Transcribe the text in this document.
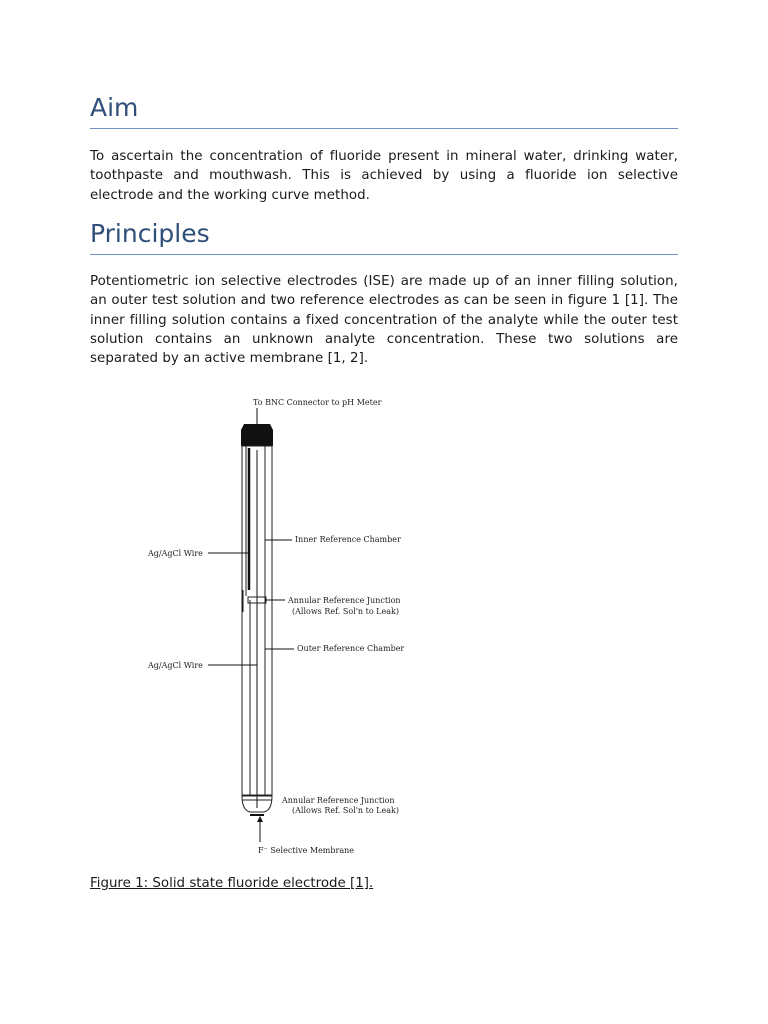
Aim

To ascertain the concentration of fluoride present in mineral water, drinking water, toothpaste and mouthwash. This is achieved by using a fluoride ion selective electrode and the working curve method.

Principles

Potentiometric ion selective electrodes (ISE) are made up of an inner filling solution, an outer test solution and two reference electrodes as can be seen in figure 1 [1]. The inner filling solution contains a fixed concentration of the analyte while the outer test solution contains an unknown analyte concentration. These two solutions are separated by an active membrane [1, 2].

To BNC Connector to pH Meter
Inner Reference Chamber
Ag/AgCl Wire
Annular Reference Junction
(Allows Ref. Sol'n to Leak)
Outer Reference Chamber
Ag/AgCl Wire
Annular Reference Junction
(Allows Ref. Sol'n to Leak)
F⁻ Selective Membrane

Figure 1: Solid state fluoride electrode [1].
